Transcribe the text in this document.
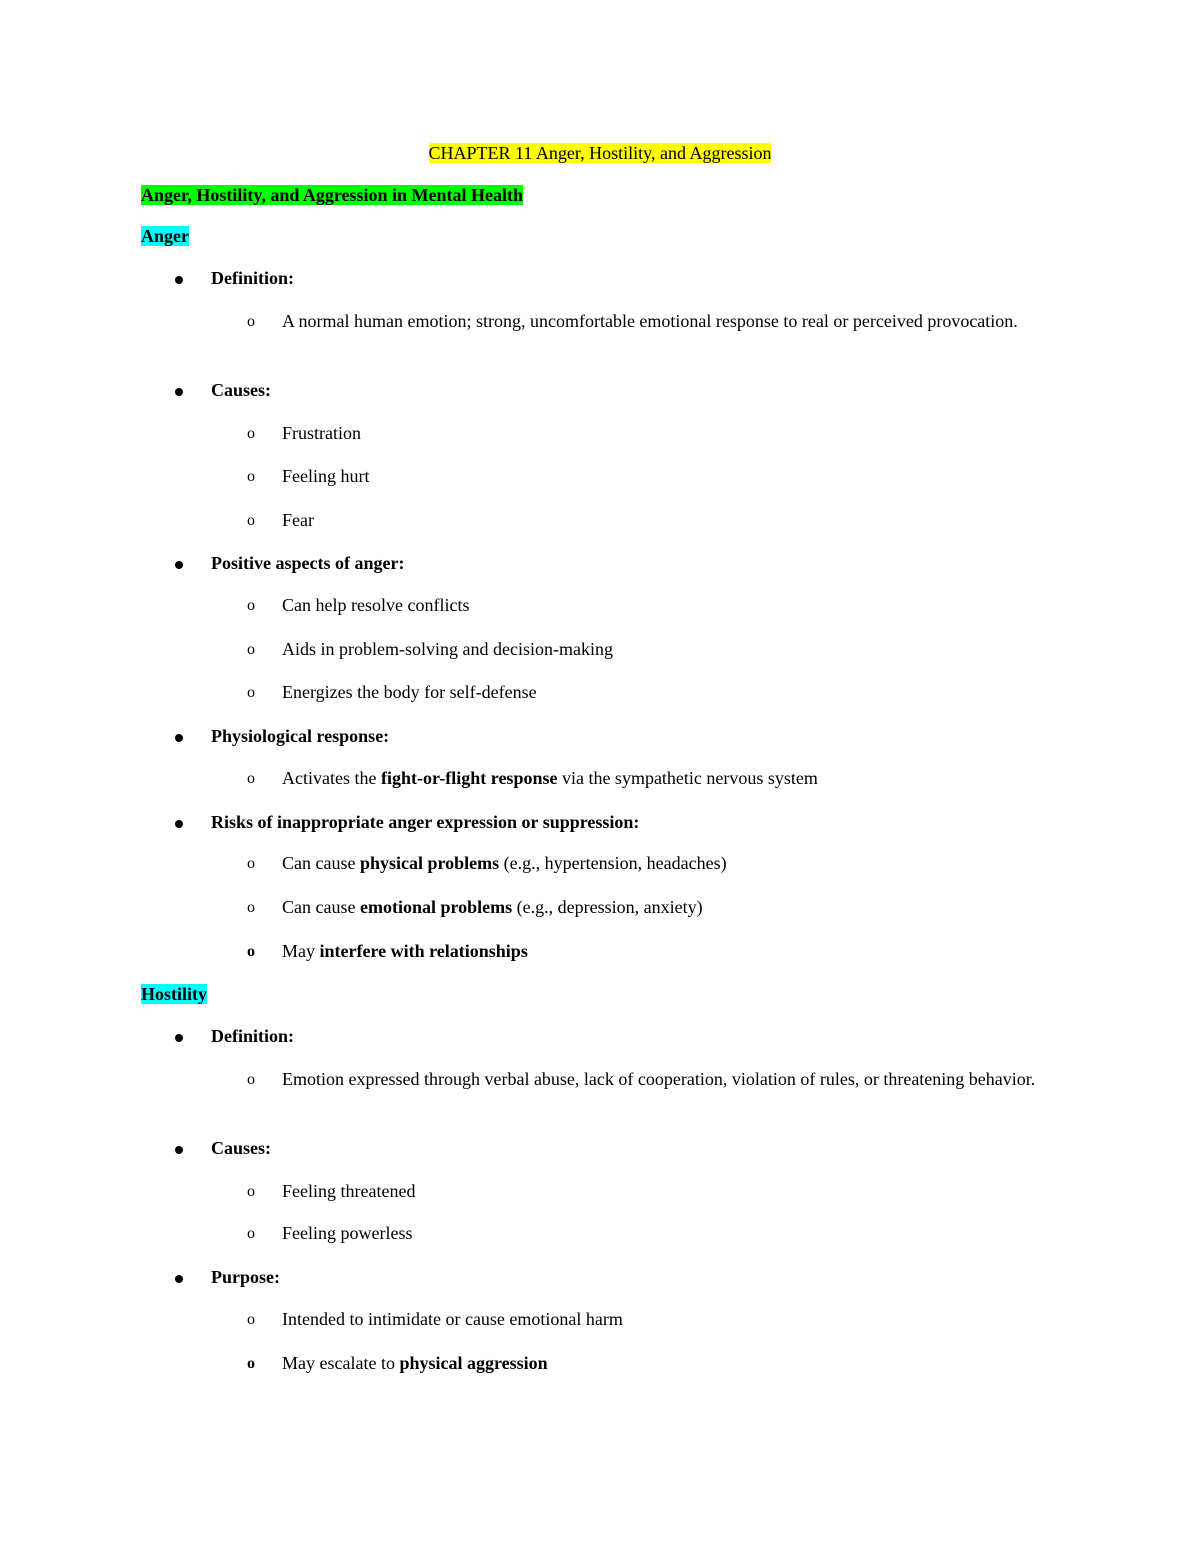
CHAPTER 11 Anger, Hostility, and Aggression
Anger, Hostility, and Aggression in Mental Health
Anger
Definition:
o	A normal human emotion; strong, uncomfortable emotional response to real or perceived provocation.
Causes:
o	Frustration
o	Feeling hurt
o	Fear
Positive aspects of anger:
o	Can help resolve conflicts
o	Aids in problem-solving and decision-making
o	Energizes the body for self-defense
Physiological response:
o	Activates the fight-or-flight response via the sympathetic nervous system
Risks of inappropriate anger expression or suppression:
o	Can cause physical problems (e.g., hypertension, headaches)
o	Can cause emotional problems (e.g., depression, anxiety)
o	May interfere with relationships
Hostility
Definition:
o	Emotion expressed through verbal abuse, lack of cooperation, violation of rules, or threatening behavior.
Causes:
o	Feeling threatened
o	Feeling powerless
Purpose:
o	Intended to intimidate or cause emotional harm
o	May escalate to physical aggression
